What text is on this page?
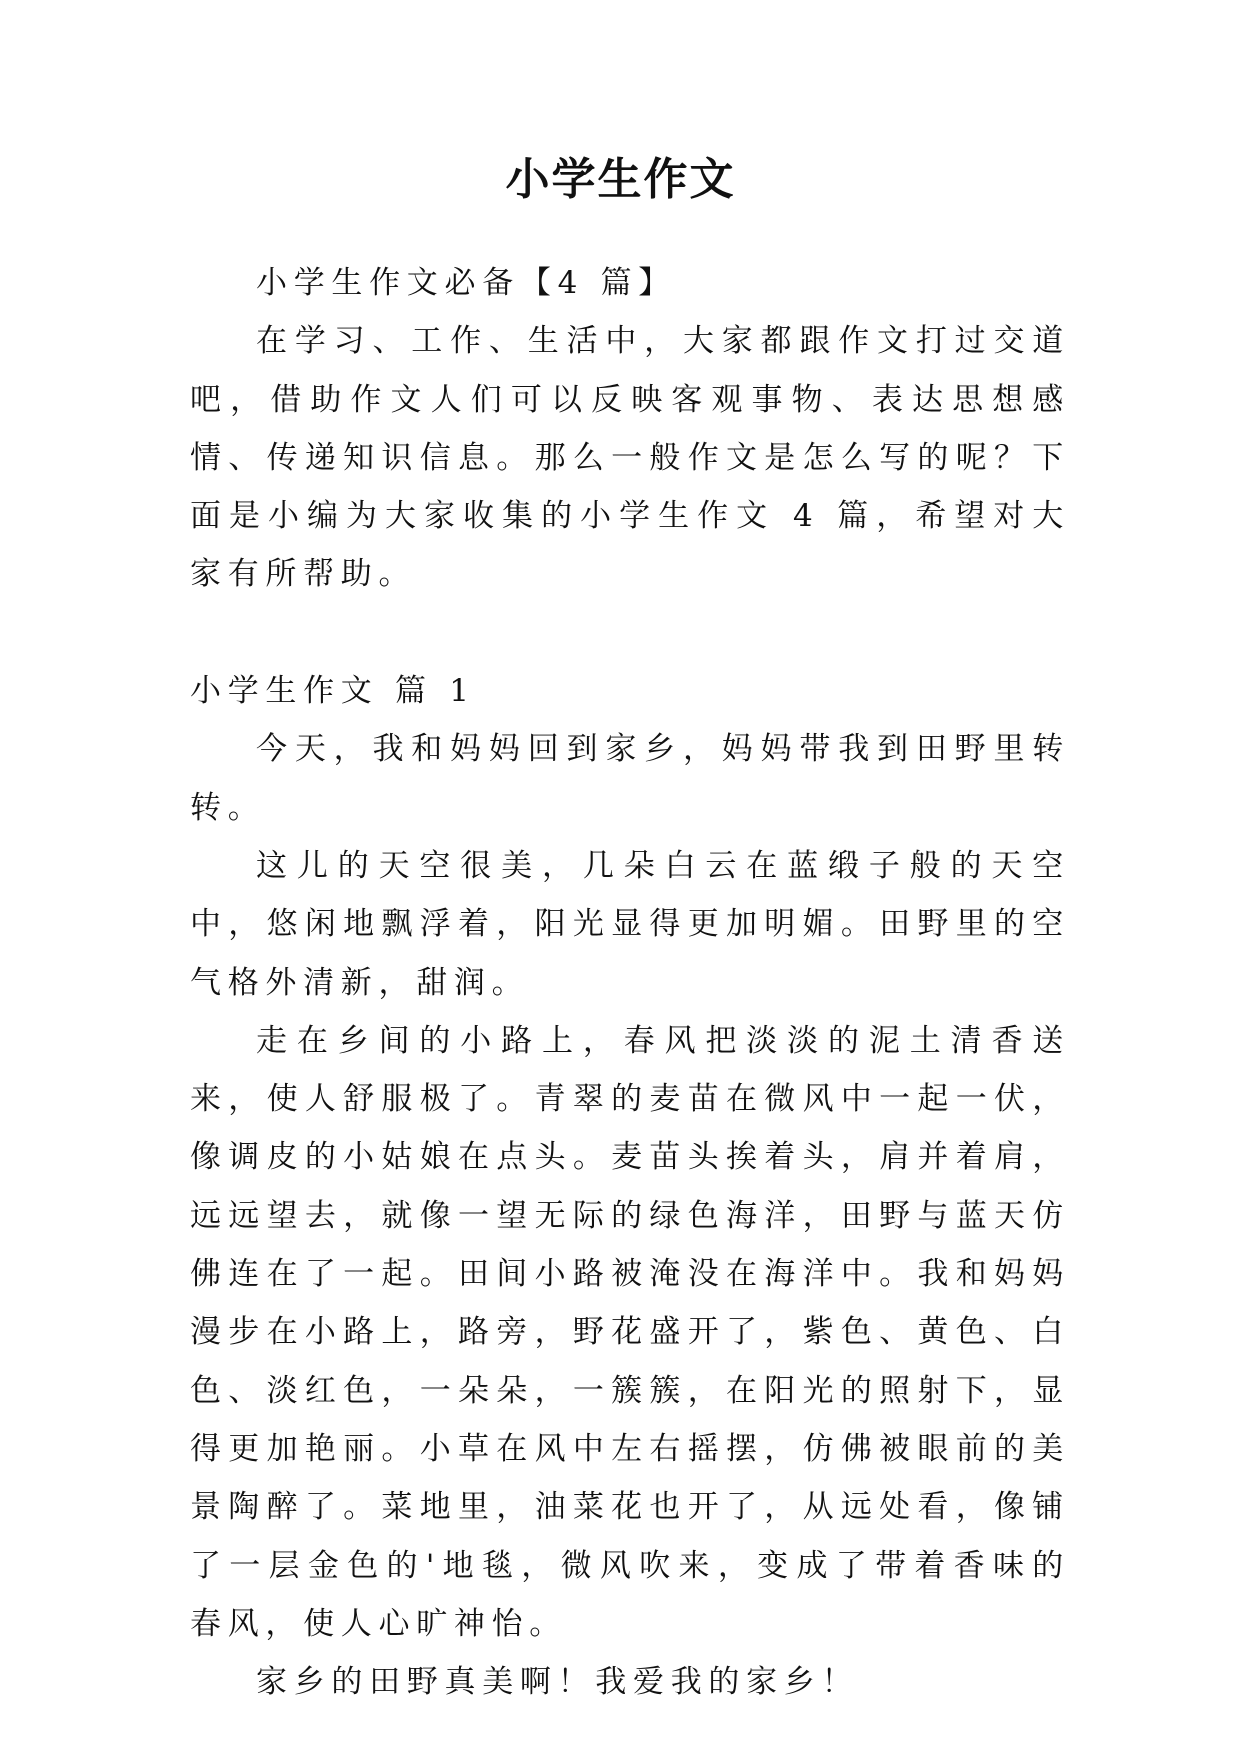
小学生作文

小学生作文必备【4 篇】

在学习、工作、生活中，大家都跟作文打过交道吧，借助作文人们可以反映客观事物、表达思想感情、传递知识信息。那么一般作文是怎么写的呢？下面是小编为大家收集的小学生作文 4 篇，希望对大家有所帮助。

小学生作文 篇 1

今天，我和妈妈回到家乡，妈妈带我到田野里转转。

这儿的天空很美，几朵白云在蓝缎子般的天空中，悠闲地飘浮着，阳光显得更加明媚。田野里的空气格外清新，甜润。

走在乡间的小路上，春风把淡淡的泥土清香送来，使人舒服极了。青翠的麦苗在微风中一起一伏，像调皮的小姑娘在点头。麦苗头挨着头，肩并着肩，远远望去，就像一望无际的绿色海洋，田野与蓝天仿佛连在了一起。田间小路被淹没在海洋中。我和妈妈漫步在小路上，路旁，野花盛开了，紫色、黄色、白色、淡红色，一朵朵，一簇簇，在阳光的照射下，显得更加艳丽。小草在风中左右摇摆，仿佛被眼前的美景陶醉了。菜地里，油菜花也开了，从远处看，像铺了一层金色的'地毯，微风吹来，变成了带着香味的春风，使人心旷神怡。

家乡的田野真美啊！我爱我的家乡！
